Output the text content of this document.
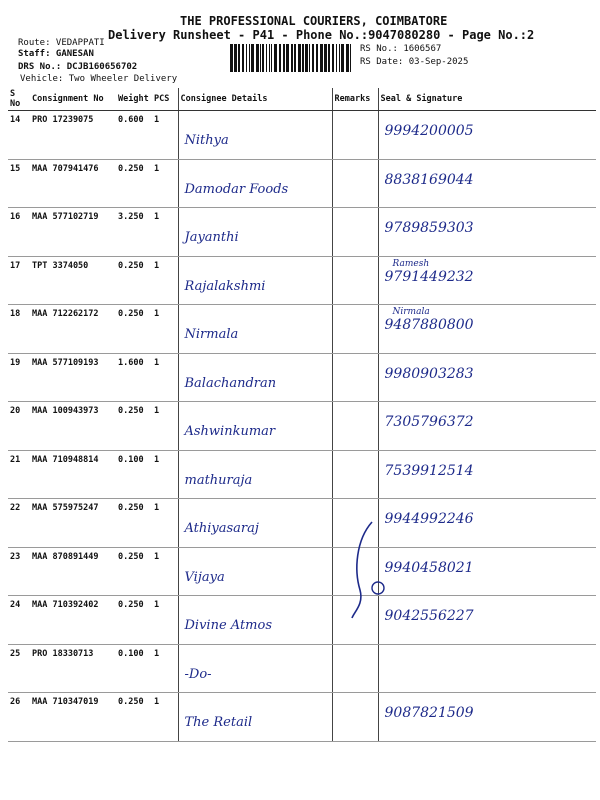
THE PROFESSIONAL COURIERS, COIMBATORE
Delivery Runsheet - P41 - Phone No.:9047080280 - Page No.:2
Route: VEDAPPATI
Staff: GANESAN
DRS No.: DCJB160656702
Vehicle: Two Wheeler Delivery
RS No.: 1606567
RS Date: 03-Sep-2025
S No	Consignment No	Weight	PCS	Consignee Details	Remarks	Seal & Signature
14	PRO 17239075	0.600	1	Nithya		9994200005

15	MAA 707941476	0.250	1	Damodar Foods		8838169044

16	MAA 577102719	3.250	1	Jayanthi		9789859303

17	TPT 3374050	0.250	1	Rajalakshmi		Ramesh
9791449232

18	MAA 712262172	0.250	1	Nirmala		Nirmala
9487880800

19	MAA 577109193	1.600	1	Balachandran		9980903283

20	MAA 100943973	0.250	1	Ashwinkumar		7305796372

21	MAA 710948814	0.100	1	mathuraja		7539912514

22	MAA 575975247	0.250	1	Athiyasaraj		9944992246

23	MAA 870891449	0.250	1	Vijaya		9940458021

24	MAA 710392402	0.250	1	Divine Atmos		9042556227

25	PRO 18330713	0.100	1	-Do-		

26	MAA 710347019	0.250	1	The Retail		9087821509
